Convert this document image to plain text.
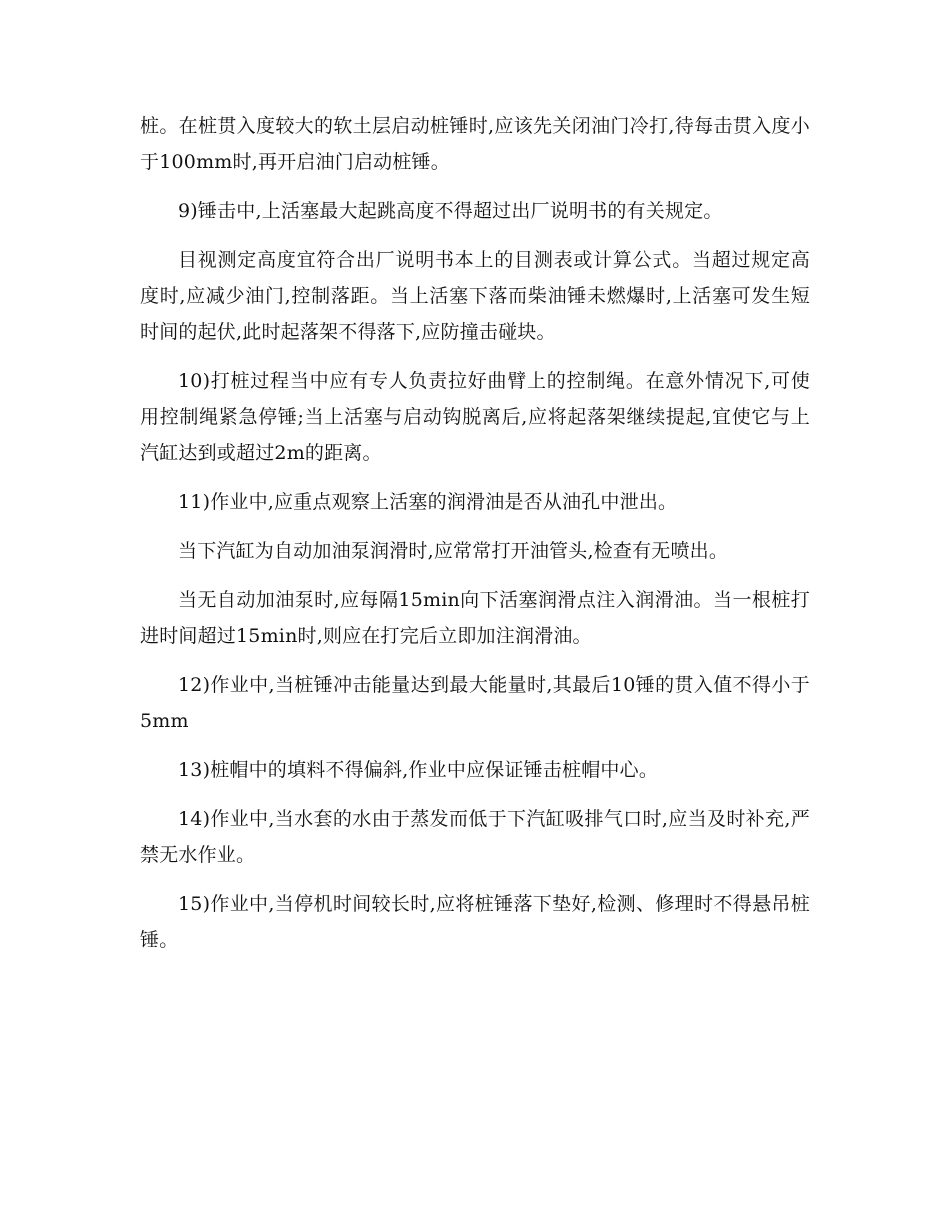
桩。在桩贯入度较大的软土层启动桩锤时,应该先关闭油门冷打,待每击贯入度小于100mm时,再开启油门启动桩锤。

9)锤击中,上活塞最大起跳高度不得超过出厂说明书的有关规定。

目视测定高度宜符合出厂说明书本上的目测表或计算公式。当超过规定高度时,应减少油门,控制落距。当上活塞下落而柴油锤未燃爆时,上活塞可发生短时间的起伏,此时起落架不得落下,应防撞击碰块。

10)打桩过程当中应有专人负责拉好曲臂上的控制绳。在意外情况下,可使用控制绳紧急停锤;当上活塞与启动钩脱离后,应将起落架继续提起,宜使它与上汽缸达到或超过2m的距离。

11)作业中,应重点观察上活塞的润滑油是否从油孔中泄出。

当下汽缸为自动加油泵润滑时,应常常打开油管头,检查有无喷出。

当无自动加油泵时,应每隔15min向下活塞润滑点注入润滑油。当一根桩打进时间超过15min时,则应在打完后立即加注润滑油。

12)作业中,当桩锤冲击能量达到最大能量时,其最后10锤的贯入值不得小于5mm

13)桩帽中的填料不得偏斜,作业中应保证锤击桩帽中心。

14)作业中,当水套的水由于蒸发而低于下汽缸吸排气口时,应当及时补充,严禁无水作业。

15)作业中,当停机时间较长时,应将桩锤落下垫好,检测、修理时不得悬吊桩锤。
